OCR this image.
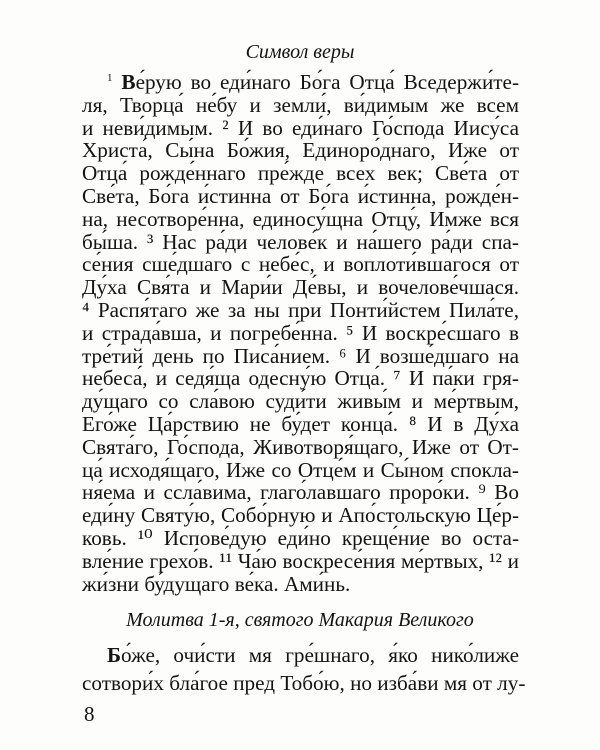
Символ веры
$^1$ Ве́рую во еди́наго Бо́га Отца́ Вседержи́те-
ля, Творца́ не́бу и земли́, ви́димым же всем
и неви́димым. ² И во еди́наго Го́спода Иису́са
Христа́, Сы́на Бо́жия, Единоро́днаго, Иже от
Отца́ рожде́ннаго пре́жде всех век; Све́та от
Све́та, Бо́га и́стинна от Бо́га и́стинна, рожде́н-
на, несотворе́нна, единосу́щна Отцу́, Имже вся
бы́ша. ³ Нас ра́ди челове́к и на́шего ра́ди спа-
се́ния сше́дшаго с небе́с, и воплоти́вшагося от
Ду́ха Свя́та и Мари́и Де́вы, и вочелове́чшася.
⁴ Распя́таго же за ны при Понти́йстем Пила́те,
и страда́вша, и погребе́нна. ⁵ И воскре́сшаго в
тре́тий день по Писа́нием. ⁶ И возше́дшаго на
небеса́, и седя́ща одесну́ю Отца́. ⁷ И па́ки гря-
ду́щаго со сла́вою суди́ти живы́м и ме́ртвым,
Его́же Ца́рствию не бу́дет конца́. ⁸ И в Ду́ха
Свята́го, Го́спода, Животворя́щаго, Иже от От-
ца́ исходя́щаго, Иже со Отце́м и Сы́ном спокла-
ня́ема и ссла́вима, глаго́лавшаго проро́ки. ⁹ Во
еди́ну Святу́ю, Собо́рную и Апо́стольскую Це́р-
ковь. ¹⁰ Испове́дую еди́но креще́ние во оста-
вле́ние грехо́в. ¹¹ Ча́ю воскресе́ния ме́ртвых, ¹² и
жи́зни бу́дущаго ве́ка. Ами́нь.
Молитва 1-я, святого Макария Великого
Бо́же, очи́сти мя гре́шнаго, я́ко нико́лиже
сотвори́х бла́гое пред Тобо́ю, но изба́ви мя от лу-
8
